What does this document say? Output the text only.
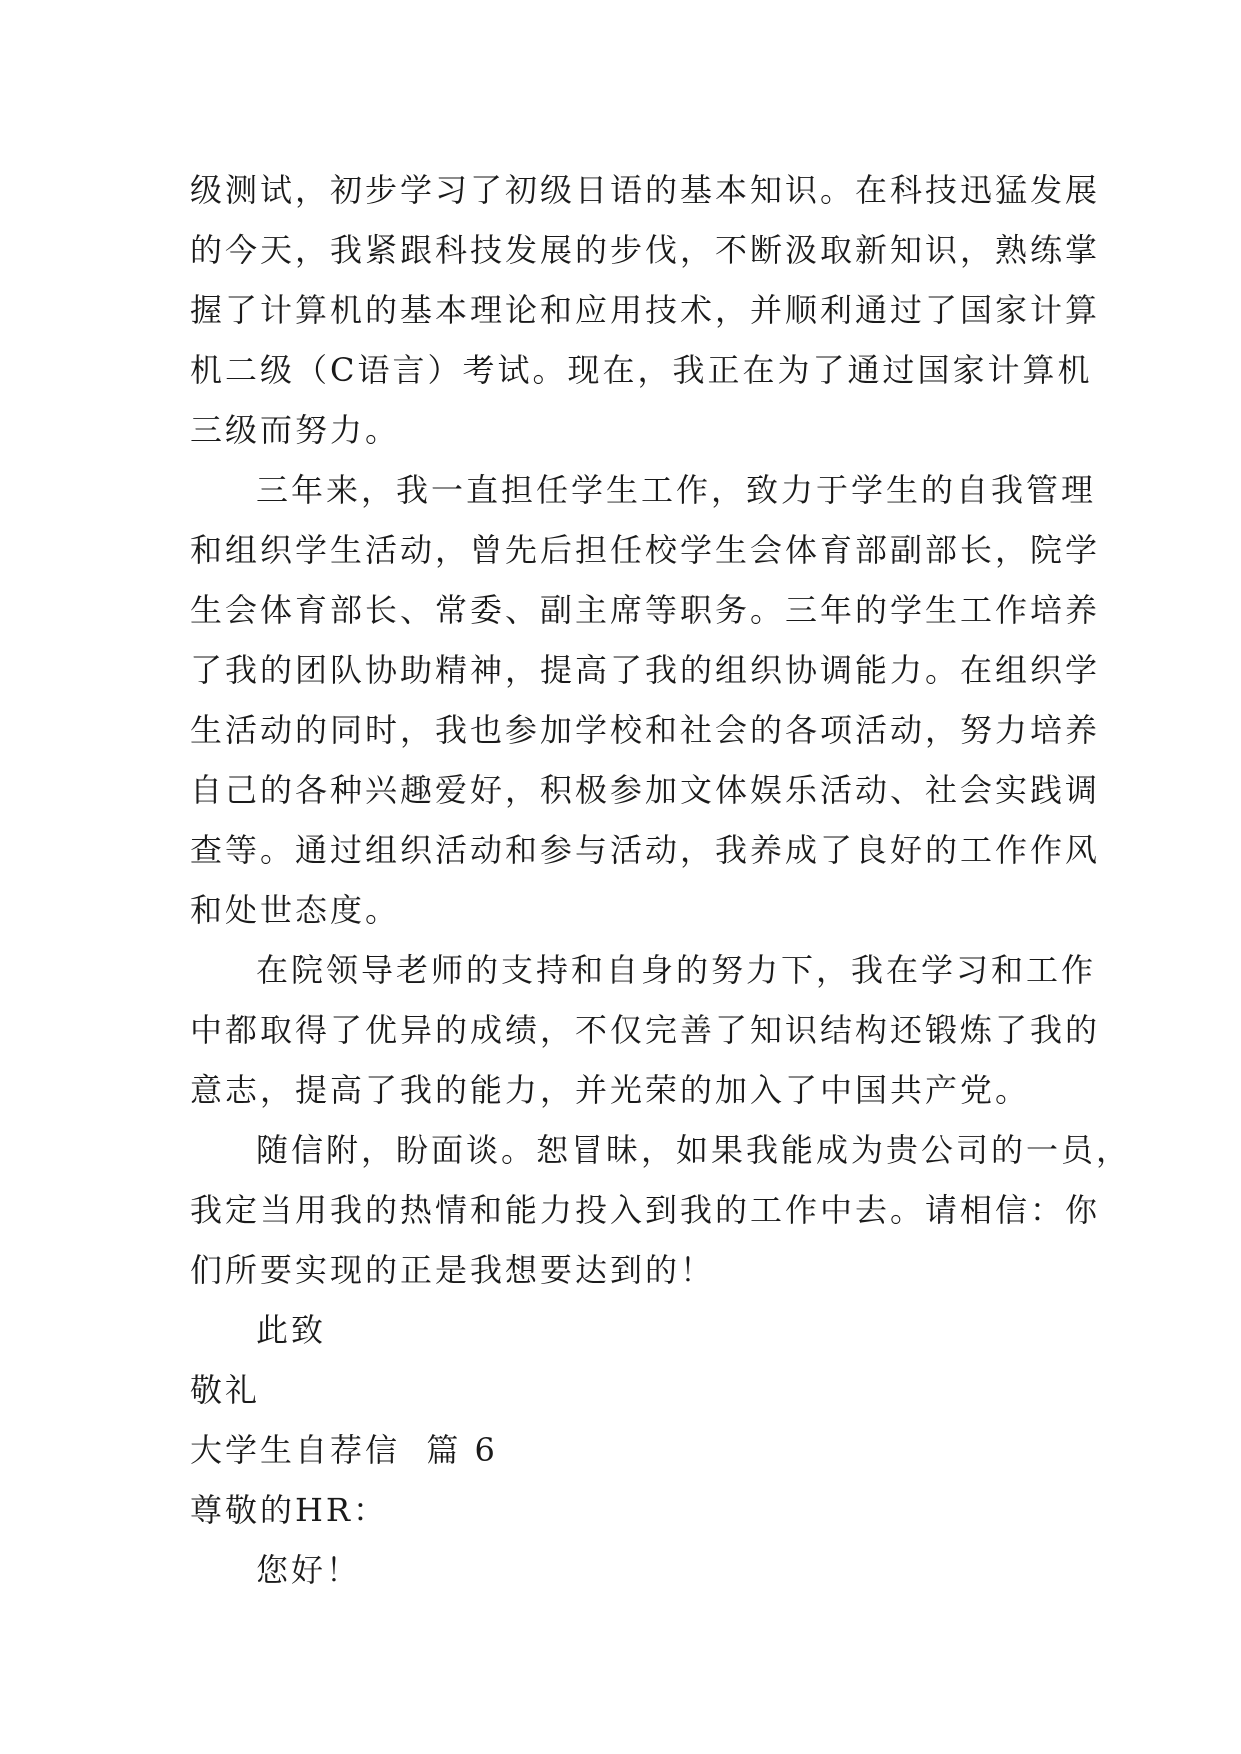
级测试，初步学习了初级日语的基本知识。在科技迅猛发展
的今天，我紧跟科技发展的步伐，不断汲取新知识，熟练掌
握了计算机的基本理论和应用技术，并顺利通过了国家计算
机二级（C语言）考试。现在，我正在为了通过国家计算机
三级而努力。
三年来，我一直担任学生工作，致力于学生的自我管理
和组织学生活动，曾先后担任校学生会体育部副部长，院学
生会体育部长、常委、副主席等职务。三年的学生工作培养
了我的团队协助精神，提高了我的组织协调能力。在组织学
生活动的同时，我也参加学校和社会的各项活动，努力培养
自己的各种兴趣爱好，积极参加文体娱乐活动、社会实践调
查等。通过组织活动和参与活动，我养成了良好的工作作风
和处世态度。
在院领导老师的支持和自身的努力下，我在学习和工作
中都取得了优异的成绩，不仅完善了知识结构还锻炼了我的
意志，提高了我的能力，并光荣的加入了中国共产党。
随信附，盼面谈。恕冒昧，如果我能成为贵公司的一员，
我定当用我的热情和能力投入到我的工作中去。请相信：你
们所要实现的正是我想要达到的！
此致
敬礼
大学生自荐信  篇 6
尊敬的HR：
您好！
